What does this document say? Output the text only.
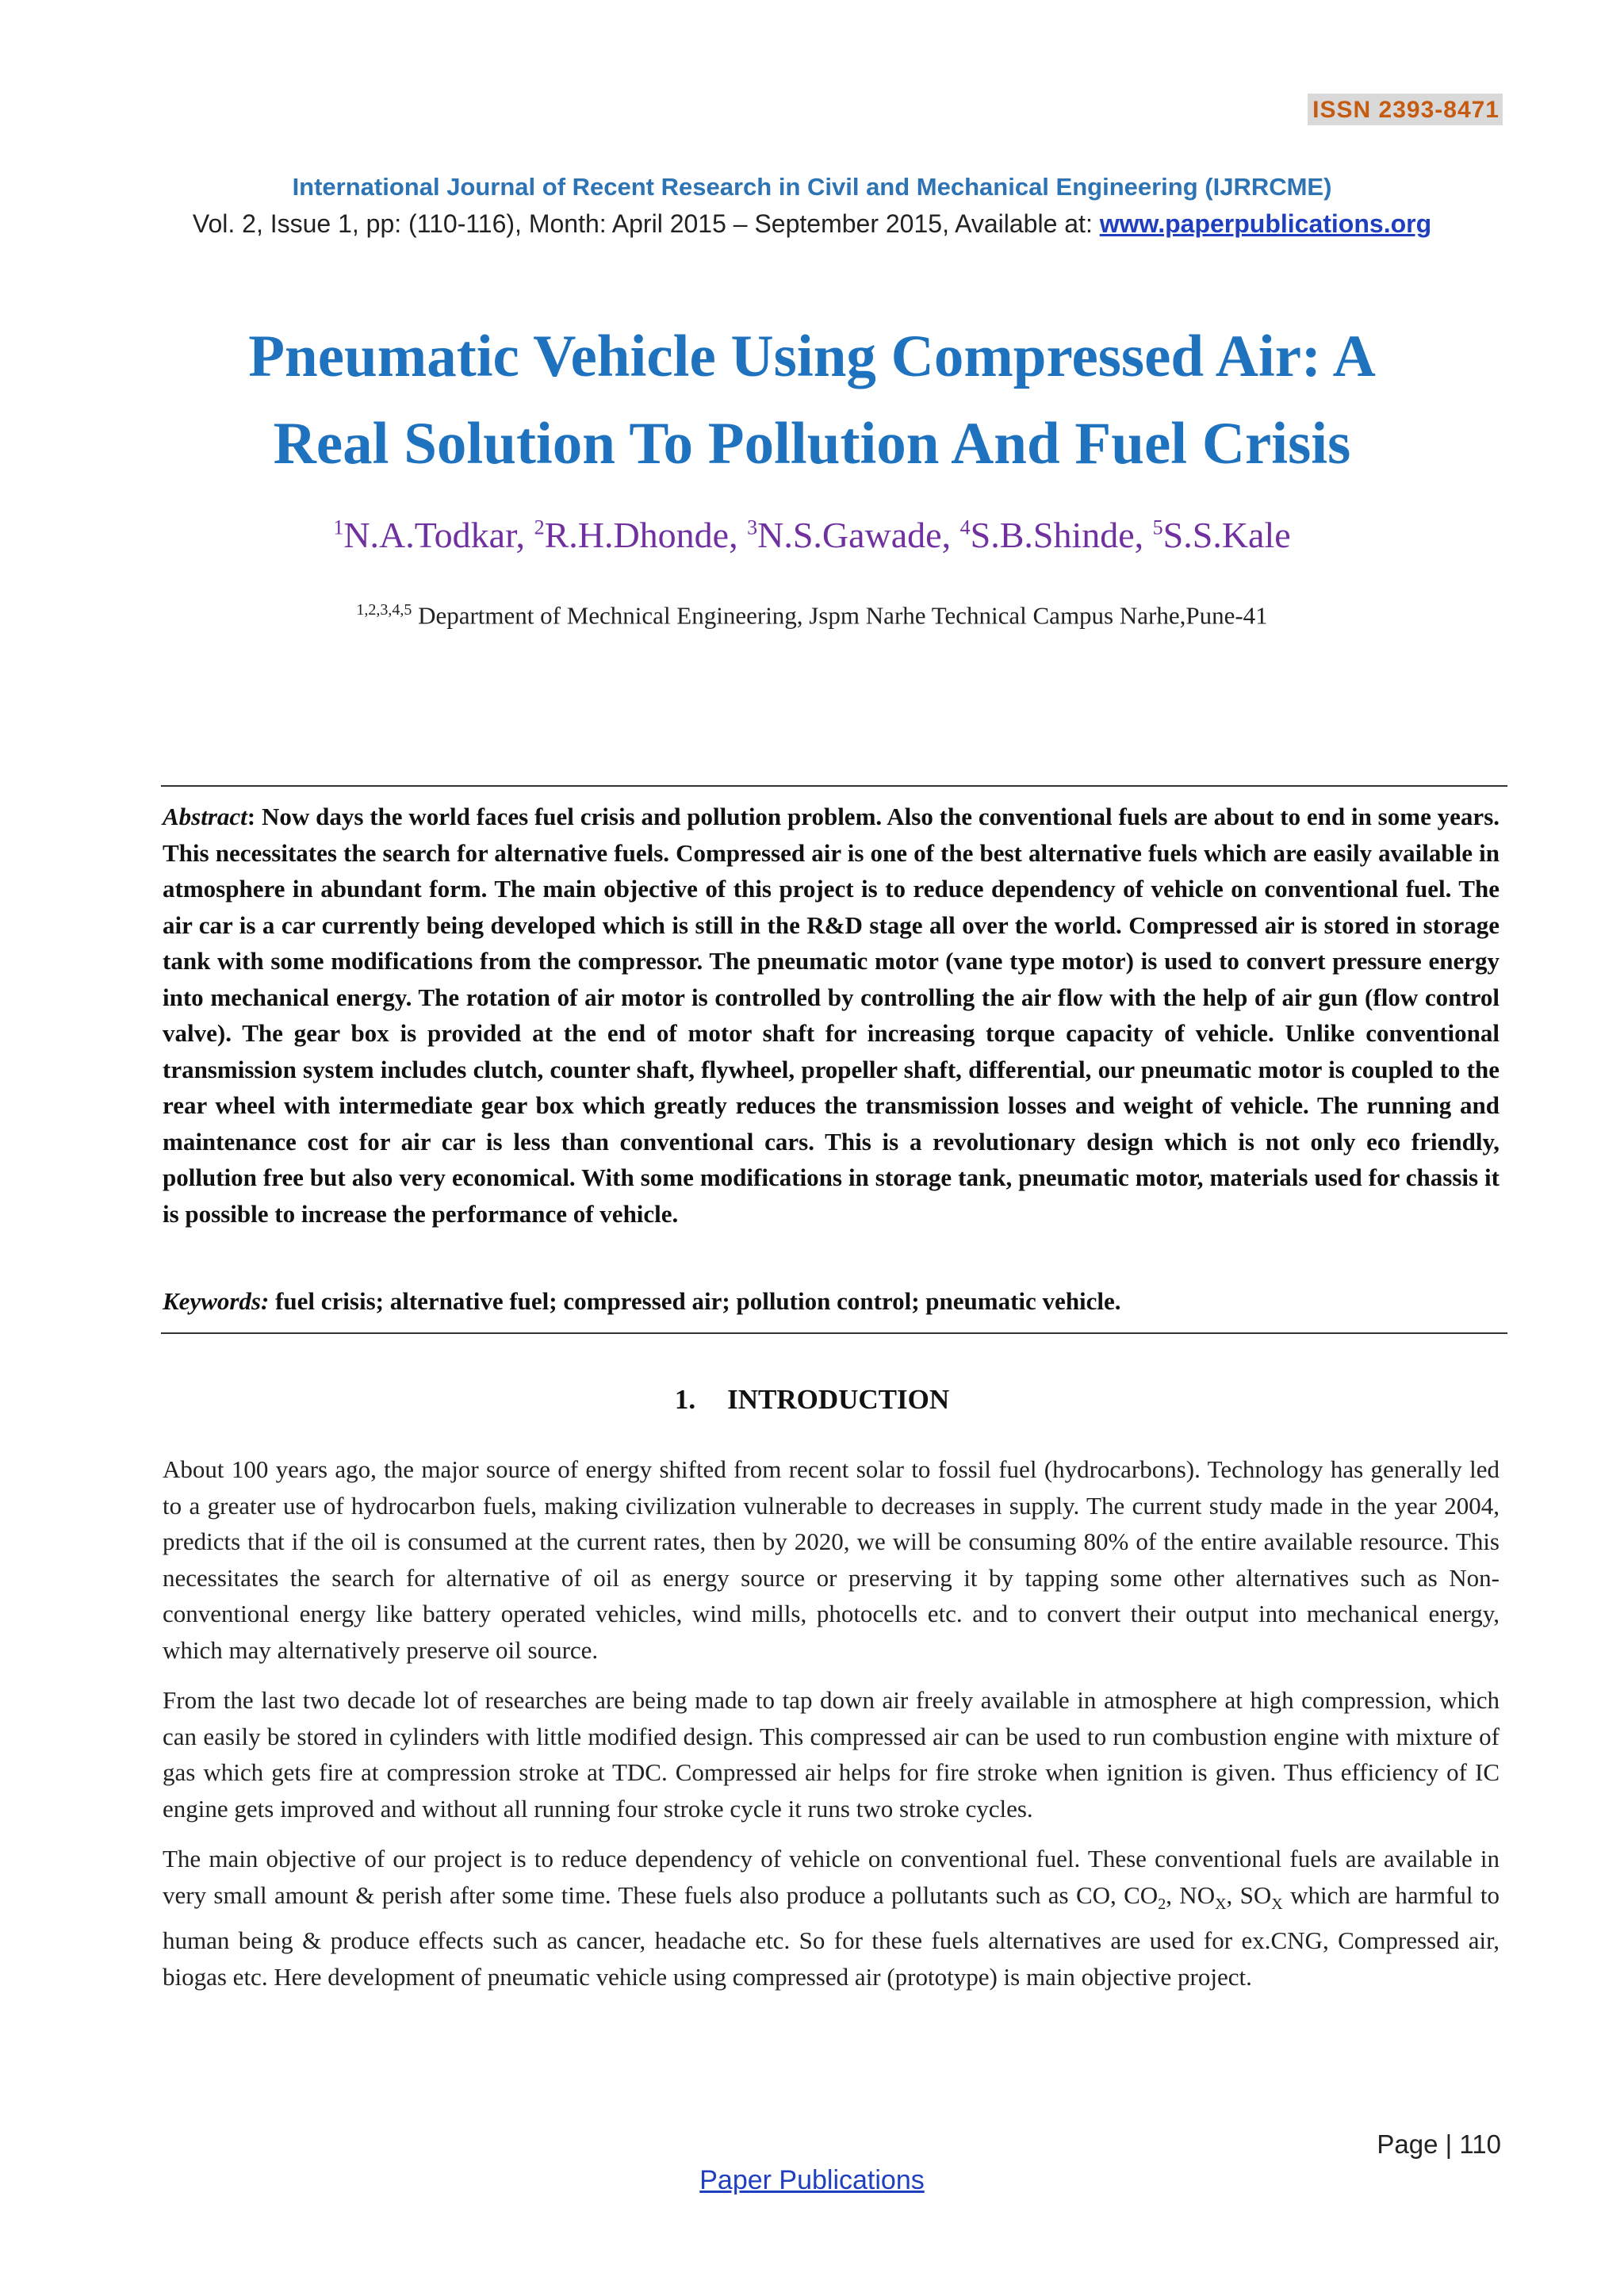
ISSN 2393-8471
International Journal of Recent Research in Civil and Mechanical Engineering (IJRRCME)
Vol. 2, Issue 1, pp: (110-116), Month: April 2015 – September 2015, Available at: www.paperpublications.org
Pneumatic Vehicle Using Compressed Air: A
Real Solution To Pollution And Fuel Crisis
$^1$N.A.Todkar, $^2$R.H.Dhonde, $^3$N.S.Gawade, $^4$S.B.Shinde, $^5$S.S.Kale
$^{1,2,3,4,5}$ Department of Mechnical Engineering, Jspm Narhe Technical Campus Narhe,Pune-41
Abstract: Now days the world faces fuel crisis and pollution problem. Also the conventional fuels are about to end in some years. This necessitates the search for alternative fuels. Compressed air is one of the best alternative fuels which are easily available in atmosphere in abundant form. The main objective of this project is to reduce dependency of vehicle on conventional fuel. The air car is a car currently being developed which is still in the R&D stage all over the world. Compressed air is stored in storage tank with some modifications from the compressor. The pneumatic motor (vane type motor) is used to convert pressure energy into mechanical energy. The rotation of air motor is controlled by controlling the air flow with the help of air gun (flow control valve). The gear box is provided at the end of motor shaft for increasing torque capacity of vehicle. Unlike conventional transmission system includes clutch, counter shaft, flywheel, propeller shaft, differential, our pneumatic motor is coupled to the rear wheel with intermediate gear box which greatly reduces the transmission losses and weight of vehicle. The running and maintenance cost for air car is less than conventional cars. This is a revolutionary design which is not only eco friendly, pollution free but also very economical. With some modifications in storage tank, pneumatic motor, materials used for chassis it is possible to increase the performance of vehicle.
Keywords: fuel crisis; alternative fuel; compressed air; pollution control; pneumatic vehicle.
1. INTRODUCTION

About 100 years ago, the major source of energy shifted from recent solar to fossil fuel (hydrocarbons). Technology has generally led to a greater use of hydrocarbon fuels, making civilization vulnerable to decreases in supply. The current study made in the year 2004, predicts that if the oil is consumed at the current rates, then by 2020, we will be consuming 80% of the entire available resource. This necessitates the search for alternative of oil as energy source or preserving it by tapping some other alternatives such as Non-conventional energy like battery operated vehicles, wind mills, photocells etc. and to convert their output into mechanical energy, which may alternatively preserve oil source.

From the last two decade lot of researches are being made to tap down air freely available in atmosphere at high compression, which can easily be stored in cylinders with little modified design. This compressed air can be used to run combustion engine with mixture of gas which gets fire at compression stroke at TDC. Compressed air helps for fire stroke when ignition is given. Thus efficiency of IC engine gets improved and without all running four stroke cycle it runs two stroke cycles.

The main objective of our project is to reduce dependency of vehicle on conventional fuel. These conventional fuels are available in very small amount & perish after some time. These fuels also produce a pollutants such as CO, $CO_2$, $NO_X$, $SO_X$ which are harmful to human being & produce effects such as cancer, headache etc. So for these fuels alternatives are used for ex.CNG, Compressed air, biogas etc. Here development of pneumatic vehicle using compressed air (prototype) is main objective project.

Page | 110
Paper Publications
